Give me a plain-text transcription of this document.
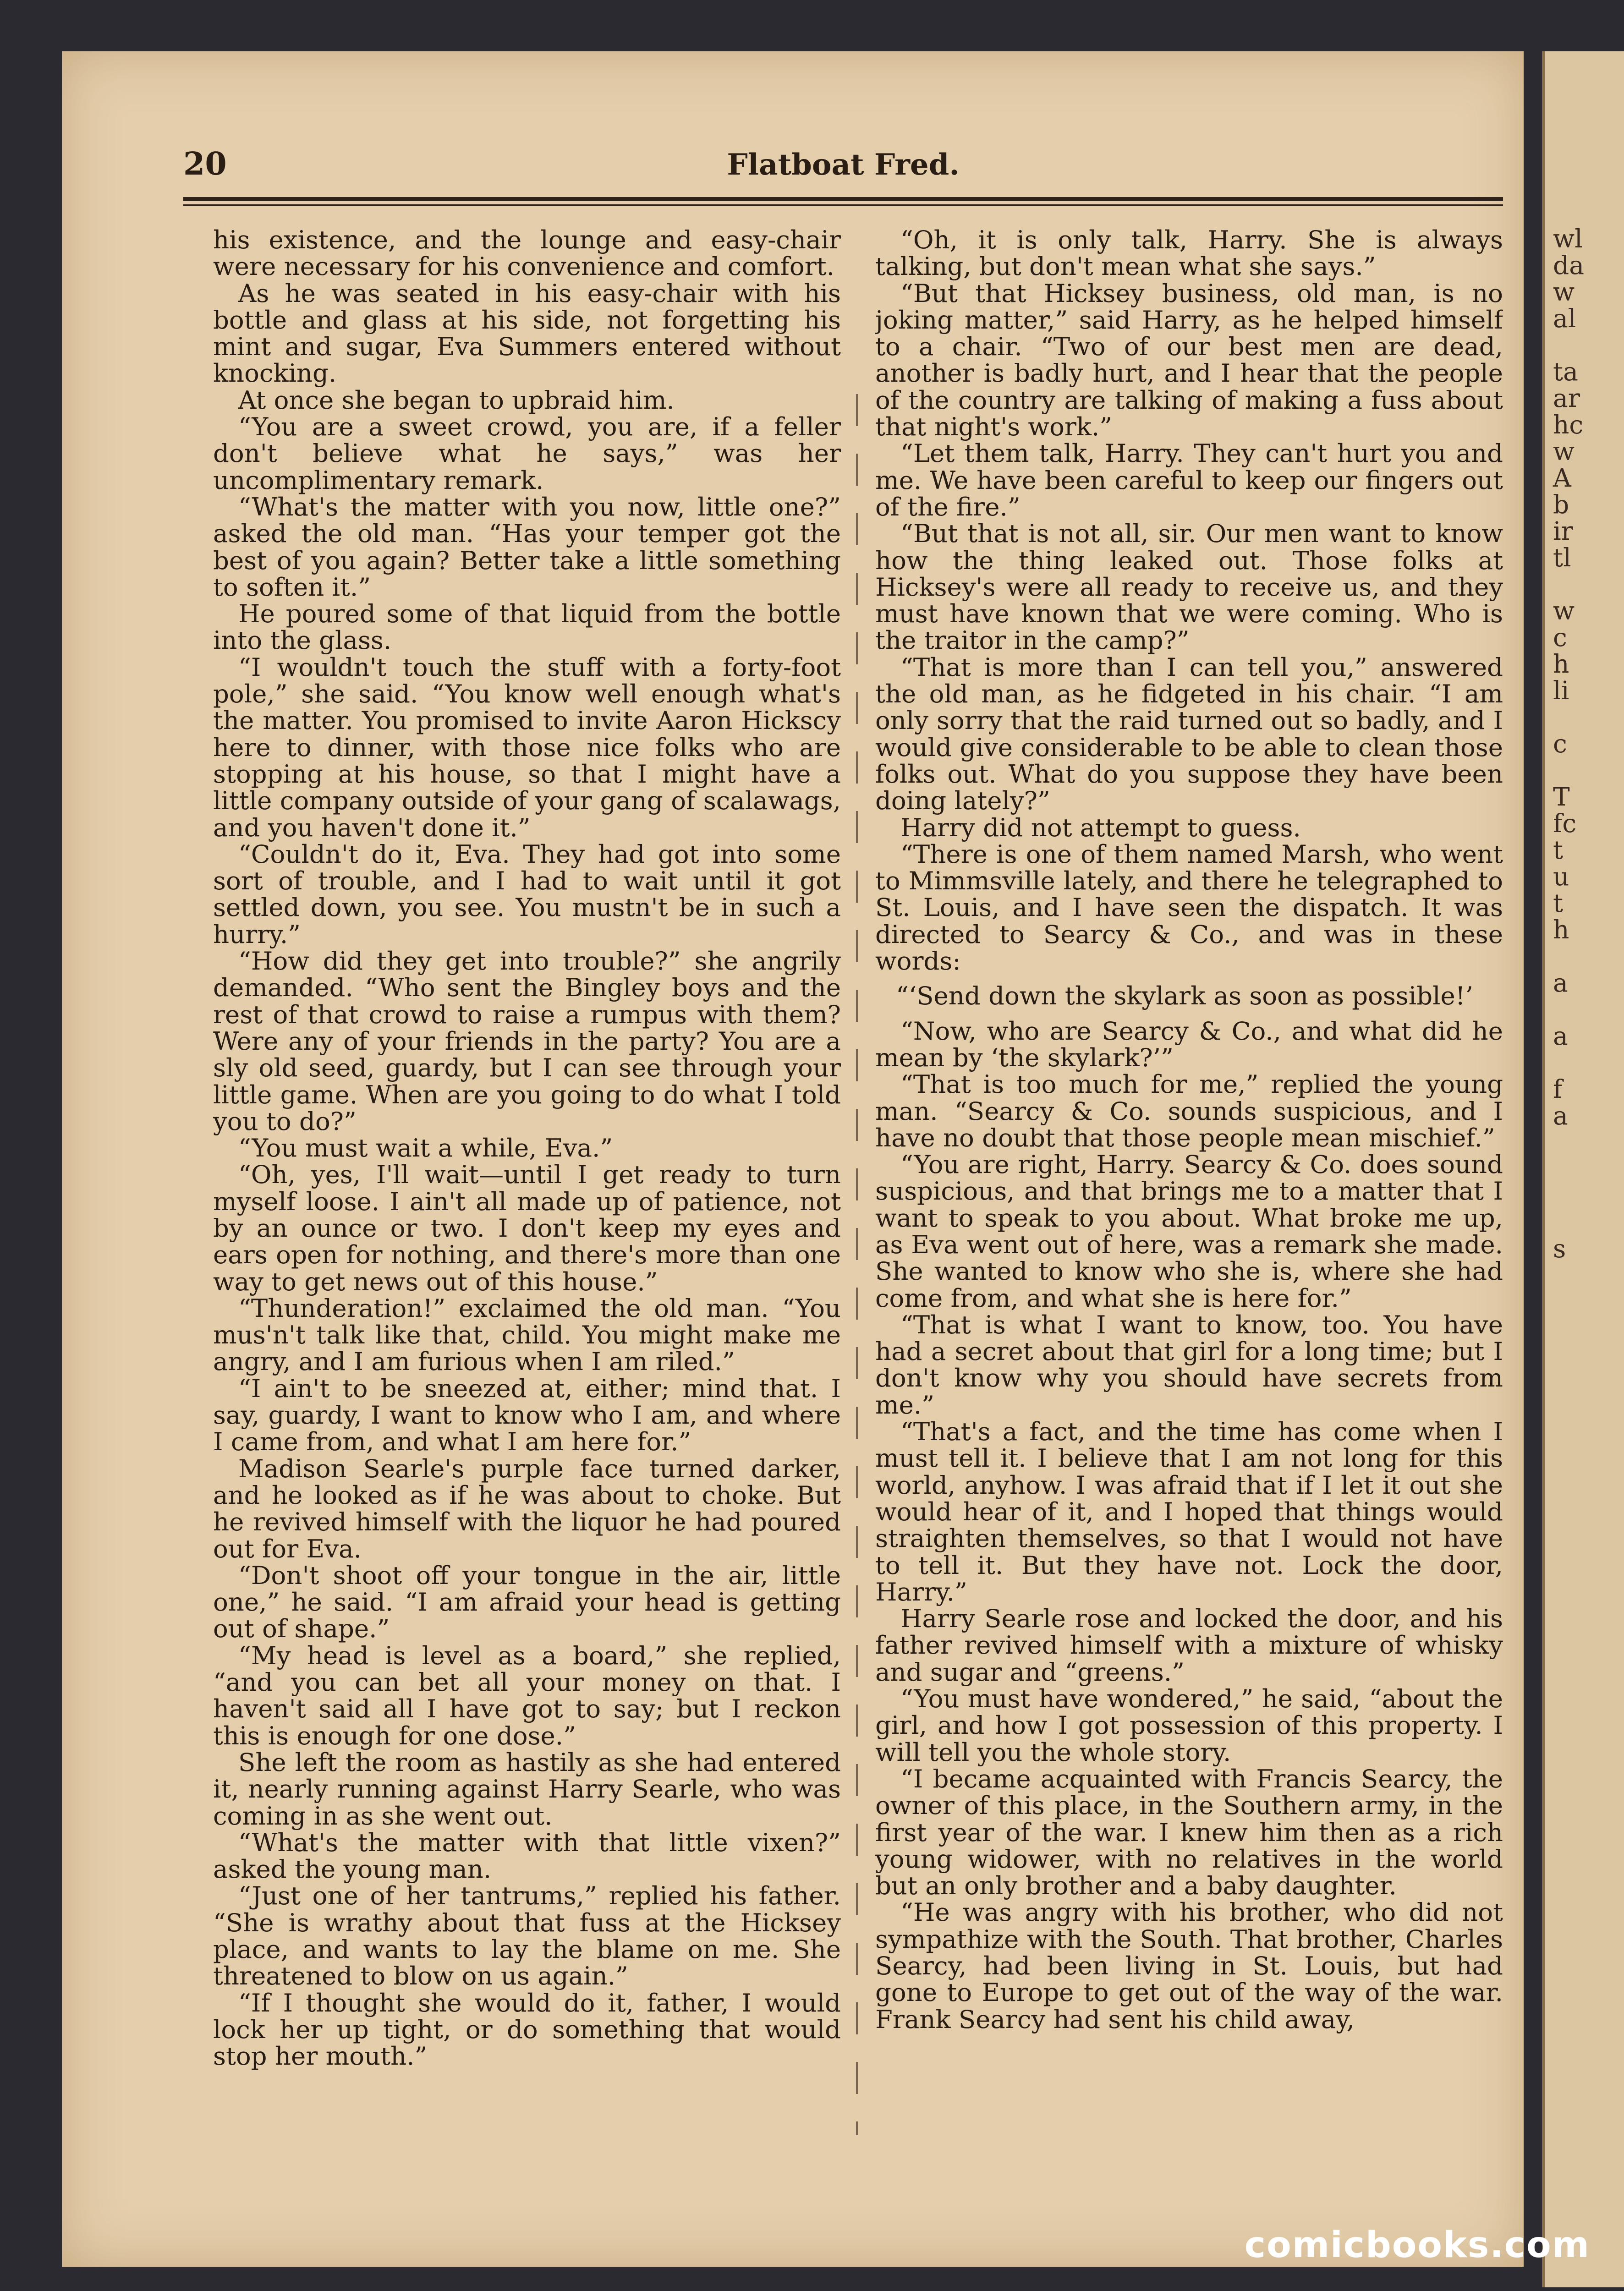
wl
da
w
al
ta
ar
hc
w
A
b
ir
tl
w
c
h
li
c
T
fc
t
u
t
h
a
a
f
a
s
20	Flatboat Fred.

his existence, and the lounge and easy-chair were necessary for his convenience and comfort.

As he was seated in his easy-chair with his bottle and glass at his side, not forgetting his mint and sugar, Eva Summers entered without knocking.

At once she began to upbraid him.

“You are a sweet crowd, you are, if a feller don't believe what he says,” was her uncomplimentary remark.

“What's the matter with you now, little one?” asked the old man. “Has your temper got the best of you again? Better take a little something to soften it.”

He poured some of that liquid from the bottle into the glass.

“I wouldn't touch the stuff with a forty-foot pole,” she said. “You know well enough what's the matter. You promised to invite Aaron Hickscy here to dinner, with those nice folks who are stopping at his house, so that I might have a little company outside of your gang of scalawags, and you haven't done it.”

“Couldn't do it, Eva. They had got into some sort of trouble, and I had to wait until it got settled down, you see. You mustn't be in such a hurry.”

“How did they get into trouble?” she angrily demanded. “Who sent the Bingley boys and the rest of that crowd to raise a rumpus with them? Were any of your friends in the party? You are a sly old seed, guardy, but I can see through your little game. When are you going to do what I told you to do?”

“You must wait a while, Eva.”

“Oh, yes, I'll wait—until I get ready to turn myself loose. I ain't all made up of patience, not by an ounce or two. I don't keep my eyes and ears open for nothing, and there's more than one way to get news out of this house.”

“Thunderation!” exclaimed the old man. “You mus'n't talk like that, child. You might make me angry, and I am furious when I am riled.”

“I ain't to be sneezed at, either; mind that. I say, guardy, I want to know who I am, and where I came from, and what I am here for.”

Madison Searle's purple face turned darker, and he looked as if he was about to choke. But he revived himself with the liquor he had poured out for Eva.

“Don't shoot off your tongue in the air, little one,” he said. “I am afraid your head is getting out of shape.”

“My head is level as a board,” she replied, “and you can bet all your money on that. I haven't said all I have got to say; but I reckon this is enough for one dose.”

She left the room as hastily as she had entered it, nearly running against Harry Searle, who was coming in as she went out.

“What's the matter with that little vixen?” asked the young man.

“Just one of her tantrums,” replied his father. “She is wrathy about that fuss at the Hicksey place, and wants to lay the blame on me. She threatened to blow on us again.”

“If I thought she would do it, father, I would lock her up tight, or do something that would stop her mouth.”

“Oh, it is only talk, Harry. She is always talking, but don't mean what she says.”

“But that Hicksey business, old man, is no joking matter,” said Harry, as he helped himself to a chair. “Two of our best men are dead, another is badly hurt, and I hear that the people of the country are talking of making a fuss about that night's work.”

“Let them talk, Harry. They can't hurt you and me. We have been careful to keep our fingers out of the fire.”

“But that is not all, sir. Our men want to know how the thing leaked out. Those folks at Hicksey's were all ready to receive us, and they must have known that we were coming. Who is the traitor in the camp?”

“That is more than I can tell you,” answered the old man, as he fidgeted in his chair. “I am only sorry that the raid turned out so badly, and I would give considerable to be able to clean those folks out. What do you suppose they have been doing lately?”

Harry did not attempt to guess.

“There is one of them named Marsh, who went to Mimmsville lately, and there he telegraphed to St. Louis, and I have seen the dispatch. It was directed to Searcy & Co., and was in these words:

“‘Send down the skylark as soon as possible!’

“Now, who are Searcy & Co., and what did he mean by ‘the skylark?’”

“That is too much for me,” replied the young man. “Searcy & Co. sounds suspicious, and I have no doubt that those people mean mischief.”

“You are right, Harry. Searcy & Co. does sound suspicious, and that brings me to a matter that I want to speak to you about. What broke me up, as Eva went out of here, was a remark she made. She wanted to know who she is, where she had come from, and what she is here for.”

“That is what I want to know, too. You have had a secret about that girl for a long time; but I don't know why you should have secrets from me.”

“That's a fact, and the time has come when I must tell it. I believe that I am not long for this world, anyhow. I was afraid that if I let it out she would hear of it, and I hoped that things would straighten themselves, so that I would not have to tell it. But they have not. Lock the door, Harry.”

Harry Searle rose and locked the door, and his father revived himself with a mixture of whisky and sugar and “greens.”

“You must have wondered,” he said, “about the girl, and how I got possession of this property. I will tell you the whole story.

“I became acquainted with Francis Searcy, the owner of this place, in the Southern army, in the first year of the war. I knew him then as a rich young widower, with no relatives in the world but an only brother and a baby daughter.

“He was angry with his brother, who did not sympathize with the South. That brother, Charles Searcy, had been living in St. Louis, but had gone to Europe to get out of the way of the war. Frank Searcy had sent his child away,

comicbooks.com
